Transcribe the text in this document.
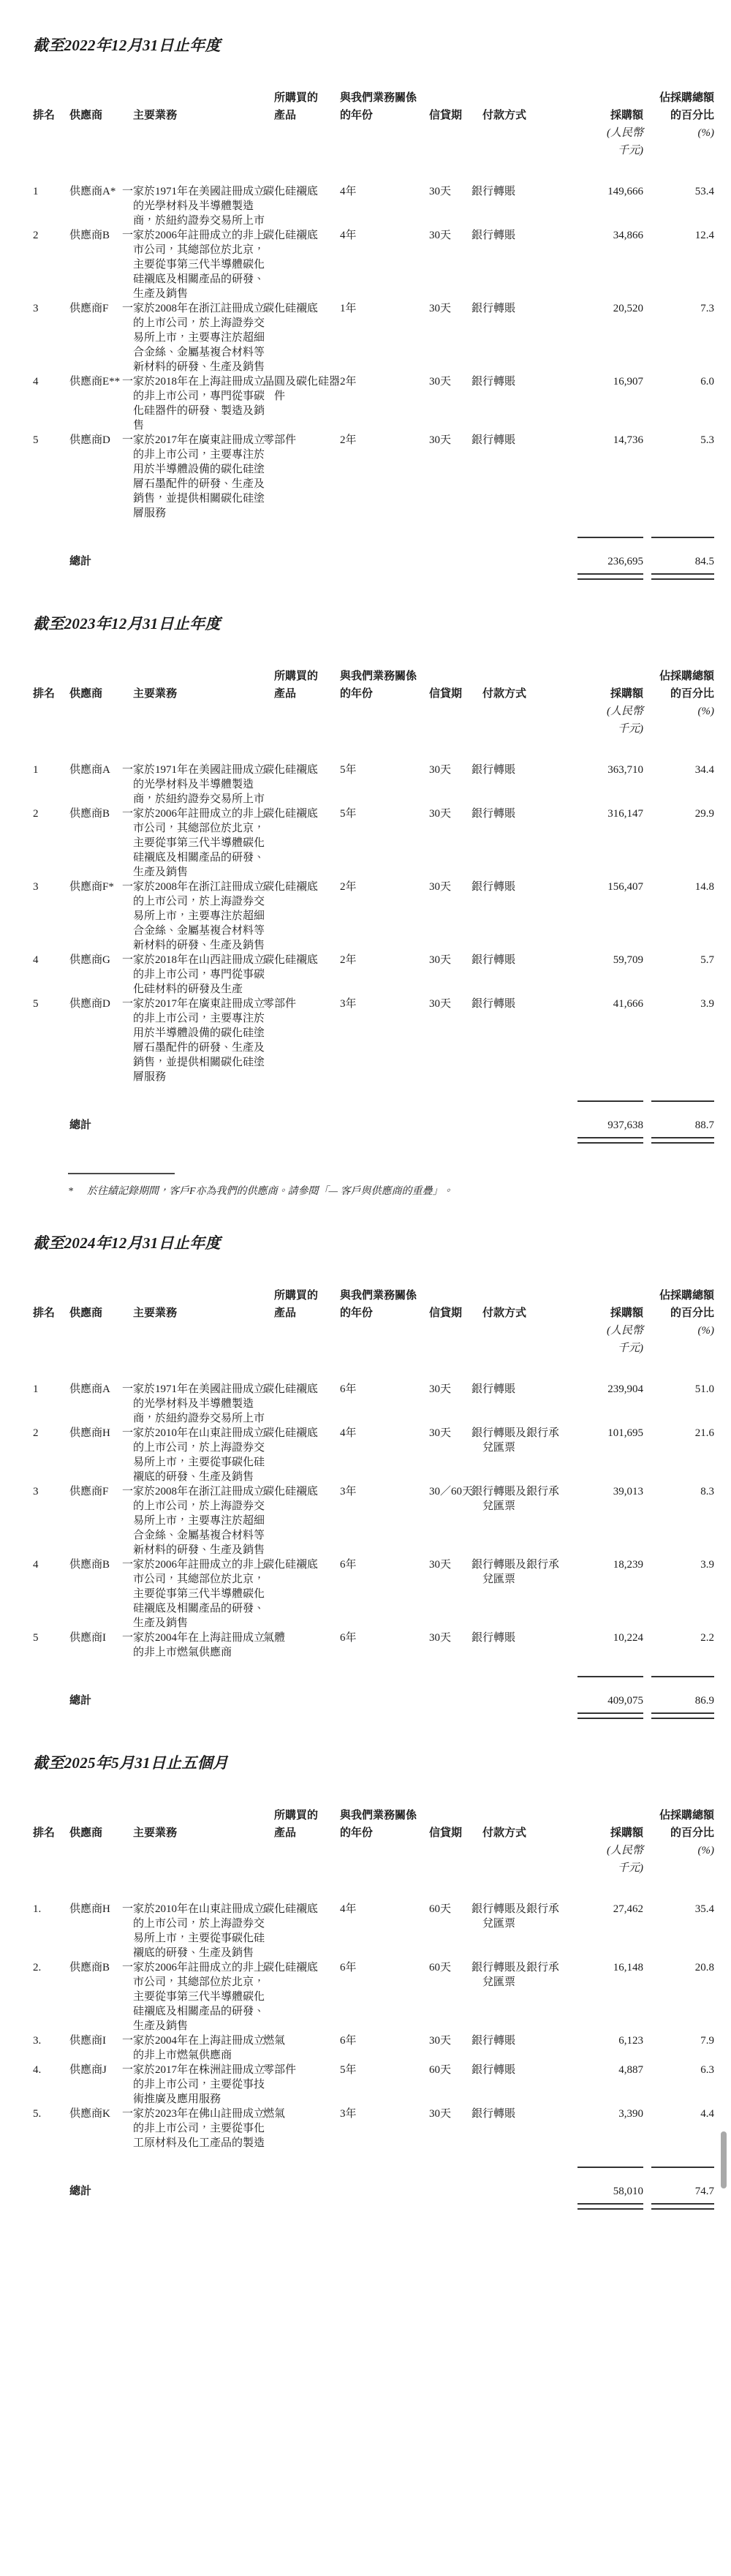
截至2022年12月31日止年度
			所購買的	與我們業務關係				佔採購總額
排名	供應商	主要業務	產品	的年份	信貸期	付款方式	採購額	的百分比
							(人民幣	(%)
							千元)	

1	供應商A*	一家於1971年在美國註冊成立的光學材料及半導體製造商，於紐約證券交易所上市	碳化硅襯底	4年	30天	銀行轉賬	149,666	53.4
2	供應商B	一家於2006年註冊成立的非上市公司，其總部位於北京，主要從事第三代半導體碳化硅襯底及相關產品的研發、生產及銷售	碳化硅襯底	4年	30天	銀行轉賬	34,866	12.4
3	供應商F	一家於2008年在浙江註冊成立的上市公司，於上海證券交易所上市，主要專注於超細合金絲、金屬基複合材料等新材料的研發、生產及銷售	碳化硅襯底	1年	30天	銀行轉賬	20,520	7.3
4	供應商E**	一家於2018年在上海註冊成立的非上市公司，專門從事碳化硅器件的研發、製造及銷售	晶圓及碳化硅器件	2年	30天	銀行轉賬	16,907	6.0
5	供應商D	一家於2017年在廣東註冊成立的非上市公司，主要專注於用於半導體設備的碳化硅塗層石墨配件的研發、生產及銷售，並提供相關碳化硅塗層服務	零部件	2年	30天	銀行轉賬	14,736	5.3

	總計						236,695	84.5
截至2023年12月31日止年度
			所購買的	與我們業務關係				佔採購總額
排名	供應商	主要業務	產品	的年份	信貸期	付款方式	採購額	的百分比
							(人民幣	(%)
							千元)	

1	供應商A	一家於1971年在美國註冊成立的光學材料及半導體製造商，於紐約證券交易所上市	碳化硅襯底	5年	30天	銀行轉賬	363,710	34.4
2	供應商B	一家於2006年註冊成立的非上市公司，其總部位於北京，主要從事第三代半導體碳化硅襯底及相關產品的研發、生產及銷售	碳化硅襯底	5年	30天	銀行轉賬	316,147	29.9
3	供應商F*	一家於2008年在浙江註冊成立的上市公司，於上海證券交易所上市，主要專注於超細合金絲、金屬基複合材料等新材料的研發、生產及銷售	碳化硅襯底	2年	30天	銀行轉賬	156,407	14.8
4	供應商G	一家於2018年在山西註冊成立的非上市公司，專門從事碳化硅材料的研發及生產	碳化硅襯底	2年	30天	銀行轉賬	59,709	5.7
5	供應商D	一家於2017年在廣東註冊成立的非上市公司，主要專注於用於半導體設備的碳化硅塗層石墨配件的研發、生產及銷售，並提供相關碳化硅塗層服務	零部件	3年	30天	銀行轉賬	41,666	3.9

	總計						937,638	88.7
*	於往績記錄期間，客戶F亦為我們的供應商。請參閱「— 客戶與供應商的重疊」。
截至2024年12月31日止年度
			所購買的	與我們業務關係				佔採購總額
排名	供應商	主要業務	產品	的年份	信貸期	付款方式	採購額	的百分比
							(人民幣	(%)
							千元)	

1	供應商A	一家於1971年在美國註冊成立的光學材料及半導體製造商，於紐約證券交易所上市	碳化硅襯底	6年	30天	銀行轉賬	239,904	51.0
2	供應商H	一家於2010年在山東註冊成立的上市公司，於上海證券交易所上市，主要從事碳化硅襯底的研發、生產及銷售	碳化硅襯底	4年	30天	銀行轉賬及銀行承兌匯票	101,695	21.6
3	供應商F	一家於2008年在浙江註冊成立的上市公司，於上海證券交易所上市，主要專注於超細合金絲、金屬基複合材料等新材料的研發、生產及銷售	碳化硅襯底	3年	30／60天	銀行轉賬及銀行承兌匯票	39,013	8.3
4	供應商B	一家於2006年註冊成立的非上市公司，其總部位於北京，主要從事第三代半導體碳化硅襯底及相關產品的研發、生產及銷售	碳化硅襯底	6年	30天	銀行轉賬及銀行承兌匯票	18,239	3.9
5	供應商I	一家於2004年在上海註冊成立的非上市燃氣供應商	氣體	6年	30天	銀行轉賬	10,224	2.2

	總計						409,075	86.9
截至2025年5月31日止五個月
			所購買的	與我們業務關係				佔採購總額
排名	供應商	主要業務	產品	的年份	信貸期	付款方式	採購額	的百分比
							(人民幣	(%)
							千元)	

1.	供應商H	一家於2010年在山東註冊成立的上市公司，於上海證券交易所上市，主要從事碳化硅襯底的研發、生產及銷售	碳化硅襯底	4年	60天	銀行轉賬及銀行承兌匯票	27,462	35.4
2.	供應商B	一家於2006年註冊成立的非上市公司，其總部位於北京，主要從事第三代半導體碳化硅襯底及相關產品的研發、生產及銷售	碳化硅襯底	6年	60天	銀行轉賬及銀行承兌匯票	16,148	20.8
3.	供應商I	一家於2004年在上海註冊成立的非上市燃氣供應商	燃氣	6年	30天	銀行轉賬	6,123	7.9
4.	供應商J	一家於2017年在株洲註冊成立的非上市公司，主要從事技術推廣及應用服務	零部件	5年	60天	銀行轉賬	4,887	6.3
5.	供應商K	一家於2023年在佛山註冊成立的非上市公司，主要從事化工原材料及化工產品的製造	燃氣	3年	30天	銀行轉賬	3,390	4.4

	總計						58,010	74.7
